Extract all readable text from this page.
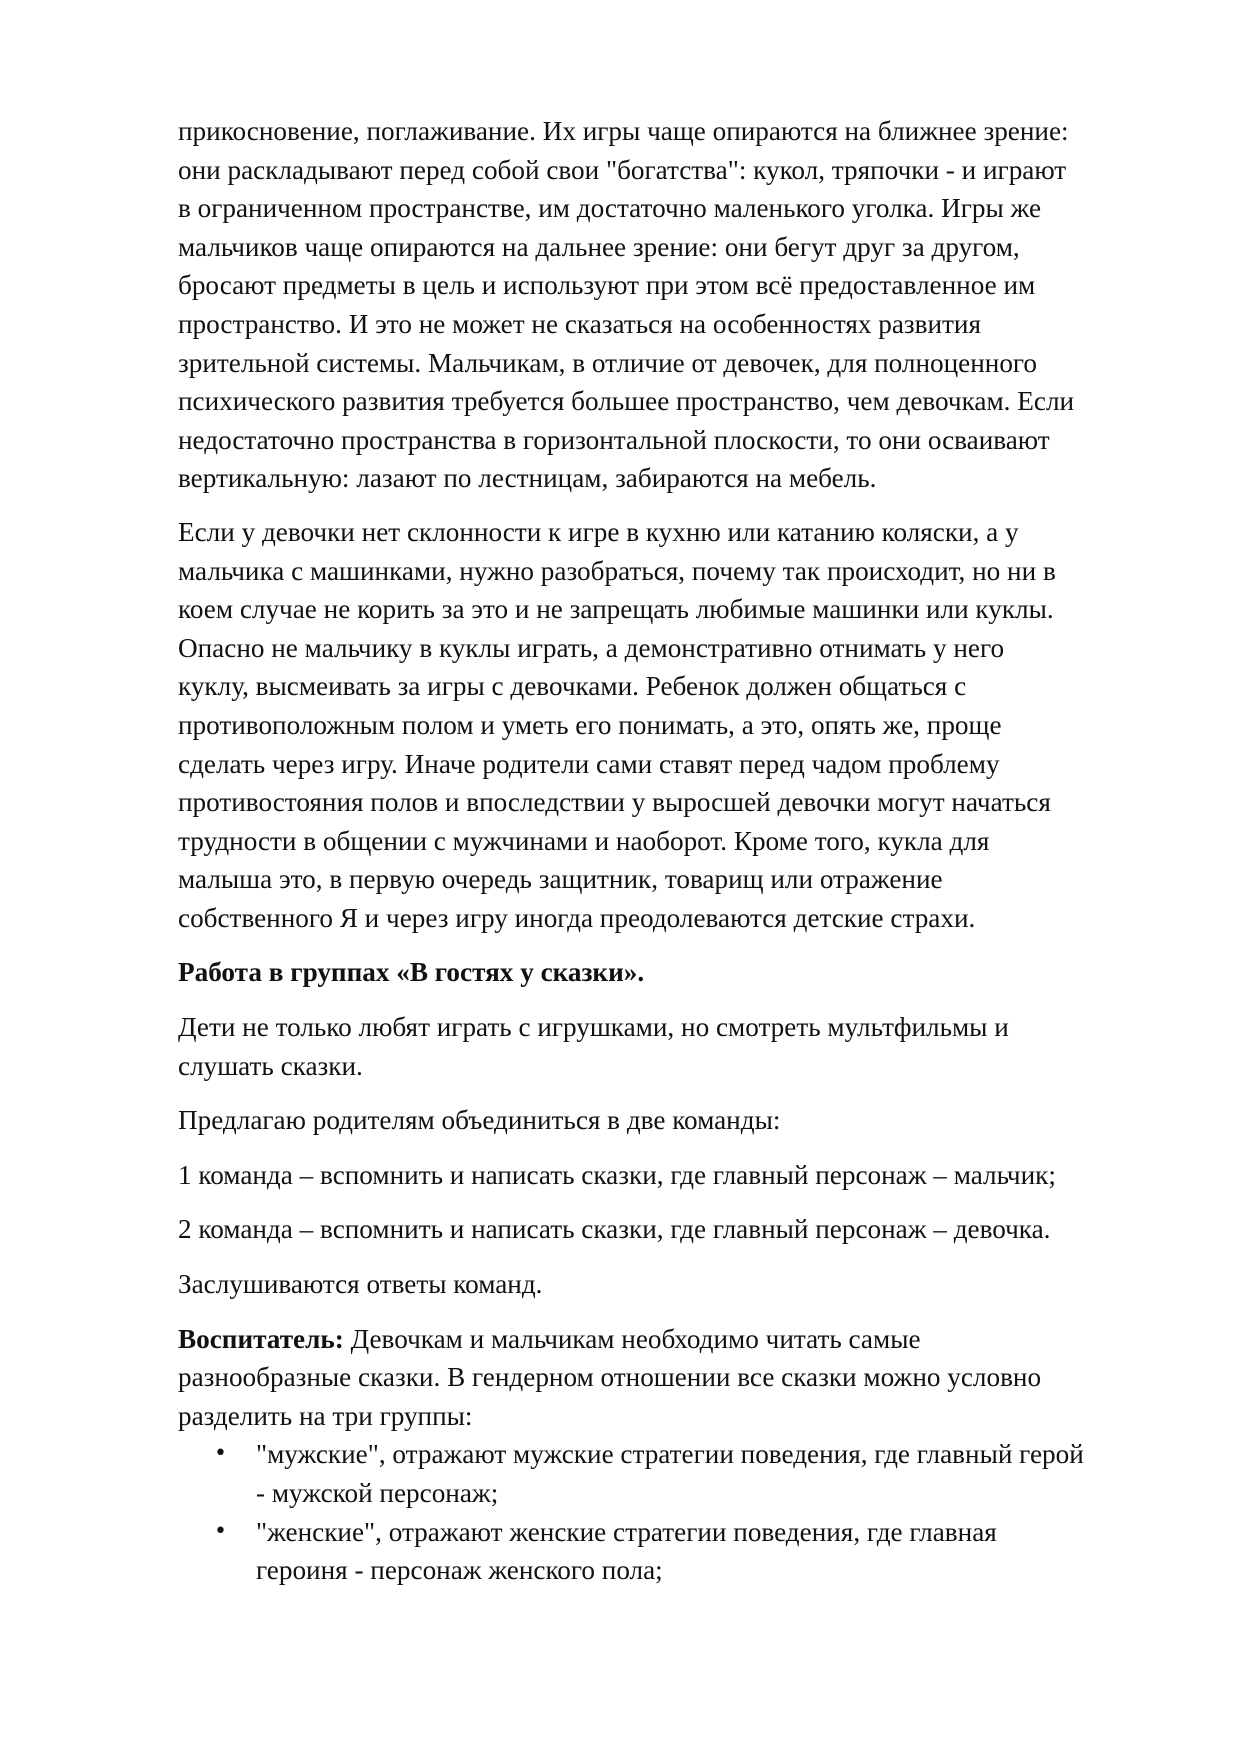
прикосновение, поглаживание. Их игры чаще опираются на ближнее зрение:
они раскладывают перед собой свои "богатства": кукол, тряпочки - и играют
в ограниченном пространстве, им достаточно маленького уголка. Игры же
мальчиков чаще опираются на дальнее зрение: они бегут друг за другом,
бросают предметы в цель и используют при этом всё предоставленное им
пространство. И это не может не сказаться на особенностях развития
зрительной системы. Мальчикам, в отличие от девочек, для полноценного
психического развития требуется большее пространство, чем девочкам. Если
недостаточно пространства в горизонтальной плоскости, то они осваивают
вертикальную: лазают по лестницам, забираются на мебель.

Если у девочки нет склонности к игре в кухню или катанию коляски, а у
мальчика с машинками, нужно разобраться, почему так происходит, но ни в
коем случае не корить за это и не запрещать любимые машинки или куклы.
Опасно не мальчику в куклы играть, а демонстративно отнимать у него
куклу, высмеивать за игры с девочками. Ребенок должен общаться с
противоположным полом и уметь его понимать, а это, опять же, проще
сделать через игру. Иначе родители сами ставят перед чадом проблему
противостояния полов и впоследствии у выросшей девочки могут начаться
трудности в общении с мужчинами и наоборот. Кроме того, кукла для
малыша это, в первую очередь защитник, товарищ или отражение
собственного Я и через игру иногда преодолеваются детские страхи.

Работа в группах «В гостях у сказки».

Дети не только любят играть с игрушками, но смотреть мультфильмы и
слушать сказки.

Предлагаю родителям объединиться в две команды:

1 команда – вспомнить и написать сказки, где главный персонаж – мальчик;

2 команда – вспомнить и написать сказки, где главный персонаж – девочка.

Заслушиваются ответы команд.

Воспитатель: Девочкам и мальчикам необходимо читать самые
разнообразные сказки. В гендерном отношении все сказки можно условно
разделить на три группы:

• "мужские", отражают мужские стратегии поведения, где главный герой
- мужской персонаж;
• "женские", отражают женские стратегии поведения, где главная
героиня - персонаж женского пола;
